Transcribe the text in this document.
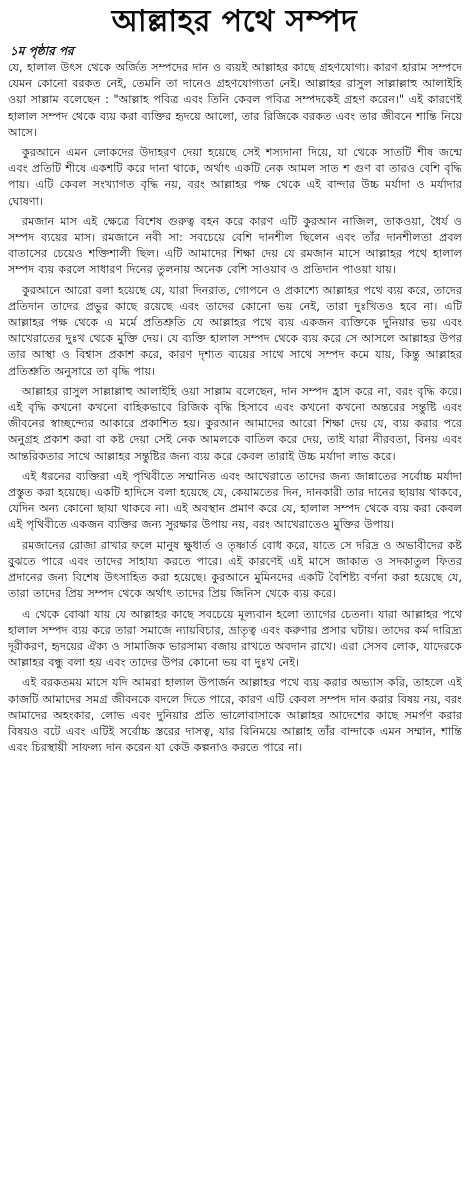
আল্লাহর পথে সম্পদ

১ম পৃষ্ঠার পর

যে, হালাল উৎস থেকে অর্জিত সম্পদের দান ও ব্যয়ই আল্লাহর কাছে গ্রহণযোগ্য। কারণ হারাম সম্পদে যেমন কোনো বরকত নেই, তেমনি তা দানেও গ্রহণযোগ্যতা নেই। আল্লাহর রাসুল সাল্লাল্লাহু আলাইহি ওয়া সাল্লাম বলেছেন : "আল্লাহ পবিত্র এবং তিনি কেবল পবিত্র সম্পদকেই গ্রহণ করেন।" এই কারণেই হালাল সম্পদ থেকে ব্যয় করা ব্যক্তির হৃদয়ে আলো, তার রিজিকে বরকত এবং তার জীবনে শান্তি নিয়ে আসে।

কুরআনে এমন লোকদের উদাহরণ দেয়া হয়েছে সেই শস্যদানা দিয়ে, যা থেকে সাতটি শীষ জন্মে এবং প্রতিটি শীষে একশটি করে দানা থাকে, অর্থাৎ একটি নেক আমল সাত শ গুণ বা তারও বেশি বৃদ্ধি পায়। এটি কেবল সংখ্যাগত বৃদ্ধি নয়, বরং আল্লাহর পক্ষ থেকে এই বান্দার উচ্চ মর্যাদা ও মর্যাদার ঘোষণা।

রমজান মাস এই ক্ষেত্রে বিশেষ গুরুত্ব বহন করে কারণ এটি কুরআন নাজিল, তাকওয়া, ধৈর্য ও সম্পদ ব্যয়ের মাস। রমজানে নবী সা: সবচেয়ে বেশি দানশীল ছিলেন এবং তাঁর দানশীলতা প্রবল বাতাসের চেয়েও শক্তিশালী ছিল। এটি আমাদের শিক্ষা দেয় যে রমজান মাসে আল্লাহর পথে হালাল সম্পদ ব্যয় করলে সাধারণ দিনের তুলনায় অনেক বেশি সাওয়াব ও প্রতিদান পাওয়া যায়।

কুরআনে আরো বলা হয়েছে যে, যারা দিনরাত, গোপনে ও প্রকাশ্যে আল্লাহর পথে ব্যয় করে, তাদের প্রতিদান তাদের প্রভুর কাছে রয়েছে এবং তাদের কোনো ভয় নেই, তারা দুঃখিতও হবে না। এটি আল্লাহর পক্ষ থেকে এ মর্মে প্রতিশ্রুতি যে আল্লাহর পথে ব্যয় একজন ব্যক্তিকে দুনিয়ার ভয় এবং আখেরাতের দুঃখ থেকে মুক্তি দেয়। যে ব্যক্তি হালাল সম্পদ থেকে ব্যয় করে সে আসলে আল্লাহর উপর তার আস্থা ও বিশ্বাস প্রকাশ করে, কারণ দৃশ্যত ব্যয়ের সাথে সাথে সম্পদ কমে যায়, কিন্তু আল্লাহর প্রতিশ্রুতি অনুসারে তা বৃদ্ধি পায়।

আল্লাহর রাসুল সাল্লাল্লাহু আলাইহি ওয়া সাল্লাম বলেছেন, দান সম্পদ হ্রাস করে না, বরং বৃদ্ধি করে। এই বৃদ্ধি কখনো কখনো বাহিকভাবে রিজিক বৃদ্ধি হিসাবে এবং কখনো কখনো অন্তরের সন্তুষ্টি এবং জীবনের স্বাচ্ছন্দ্যের আকারে প্রকাশিত হয়। কুরআন আমাদের আরো শিক্ষা দেয় যে, ব্যয় করার পরে অনুগ্রহ প্রকাশ করা বা কষ্ট দেয়া সেই নেক আমলকে বাতিল করে দেয়, তাই যারা নীরবতা, বিনয় এবং আন্তরিকতার সাথে আল্লাহর সন্তুষ্টির জন্য ব্যয় করে কেবল তারাই উচ্চ মর্যাদা লাভ করে।

এই ধরনের ব্যক্তিরা এই পৃথিবীতে সম্মানিত এবং আখেরাতে তাদের জন্য জান্নাতের সর্বোচ্চ মর্যাদা প্রস্তুত করা হয়েছে। একটি হাদিসে বলা হয়েছে যে, কেয়ামতের দিন, দানকারী তার দানের ছায়ায় থাকবে, যেদিন অন্য কোনো ছায়া থাকবে না। এই অবস্থান প্রমাণ করে যে, হালাল সম্পদ থেকে ব্যয় করা কেবল এই পৃথিবীতে একজন ব্যক্তির জন্য সুরক্ষার উপায় নয়, বরং আখেরাতেও মুক্তির উপায়।

রমজানের রোজা রাখার ফলে মানুষ ক্ষুধার্ত ও তৃষ্ণার্ত বোধ করে, যাতে সে দরিদ্র ও অভাবীদের কষ্ট বুঝতে পারে এবং তাদের সাহায্য করতে পারে। এই কারণেই এই মাসে জাকাত ও সদকাতুল ফিতর প্রদানের জন্য বিশেষ উৎসাহিত করা হয়েছে। কুরআনে মুমিনদের একটি বৈশিষ্ট্য বর্ণনা করা হয়েছে যে, তারা তাদের প্রিয় সম্পদ থেকে অর্থাৎ তাদের প্রিয় জিনিস থেকে ব্যয় করে।

এ থেকে বোঝা যায় যে আল্লাহর কাছে সবচেয়ে মূল্যবান হলো ত্যাগের চেতনা। যারা আল্লাহর পথে হালাল সম্পদ ব্যয় করে তারা সমাজে ন্যায়বিচার, ভ্রাতৃত্ব এবং করুণার প্রসার ঘটায়। তাদের কর্ম দারিদ্র্য দূরীকরণ, হৃদয়ের ঐক্য ও সামাজিক ভারসাম্য বজায় রাখতে অবদান রাখে। এরা সেসব লোক, যাদেরকে আল্লাহর বন্ধু বলা হয় এবং তাদের উপর কোনো ভয় বা দুঃখ নেই।

এই বরকতময় মাসে যদি আমরা হালাল উপার্জন আল্লাহর পথে ব্যয় করার অভ্যাস করি, তাহলে এই কাজটি আমাদের সমগ্র জীবনকে বদলে দিতে পারে, কারণ এটি কেবল সম্পদ দান করার বিষয় নয়, বরং আমাদের অহংকার, লোভ এবং দুনিয়ার প্রতি ভালোবাসাকে আল্লাহর আদেশের কাছে সমর্পণ করার বিষয়ও বটে এবং এটিই সর্বোচ্চ স্তরের দাসত্ব, যার বিনিময়ে আল্লাহ তাঁর বান্দাকে এমন সম্মান, শান্তি এবং চিরস্থায়ী সাফল্য দান করেন যা কেউ কল্পনাও করতে পারে না।
